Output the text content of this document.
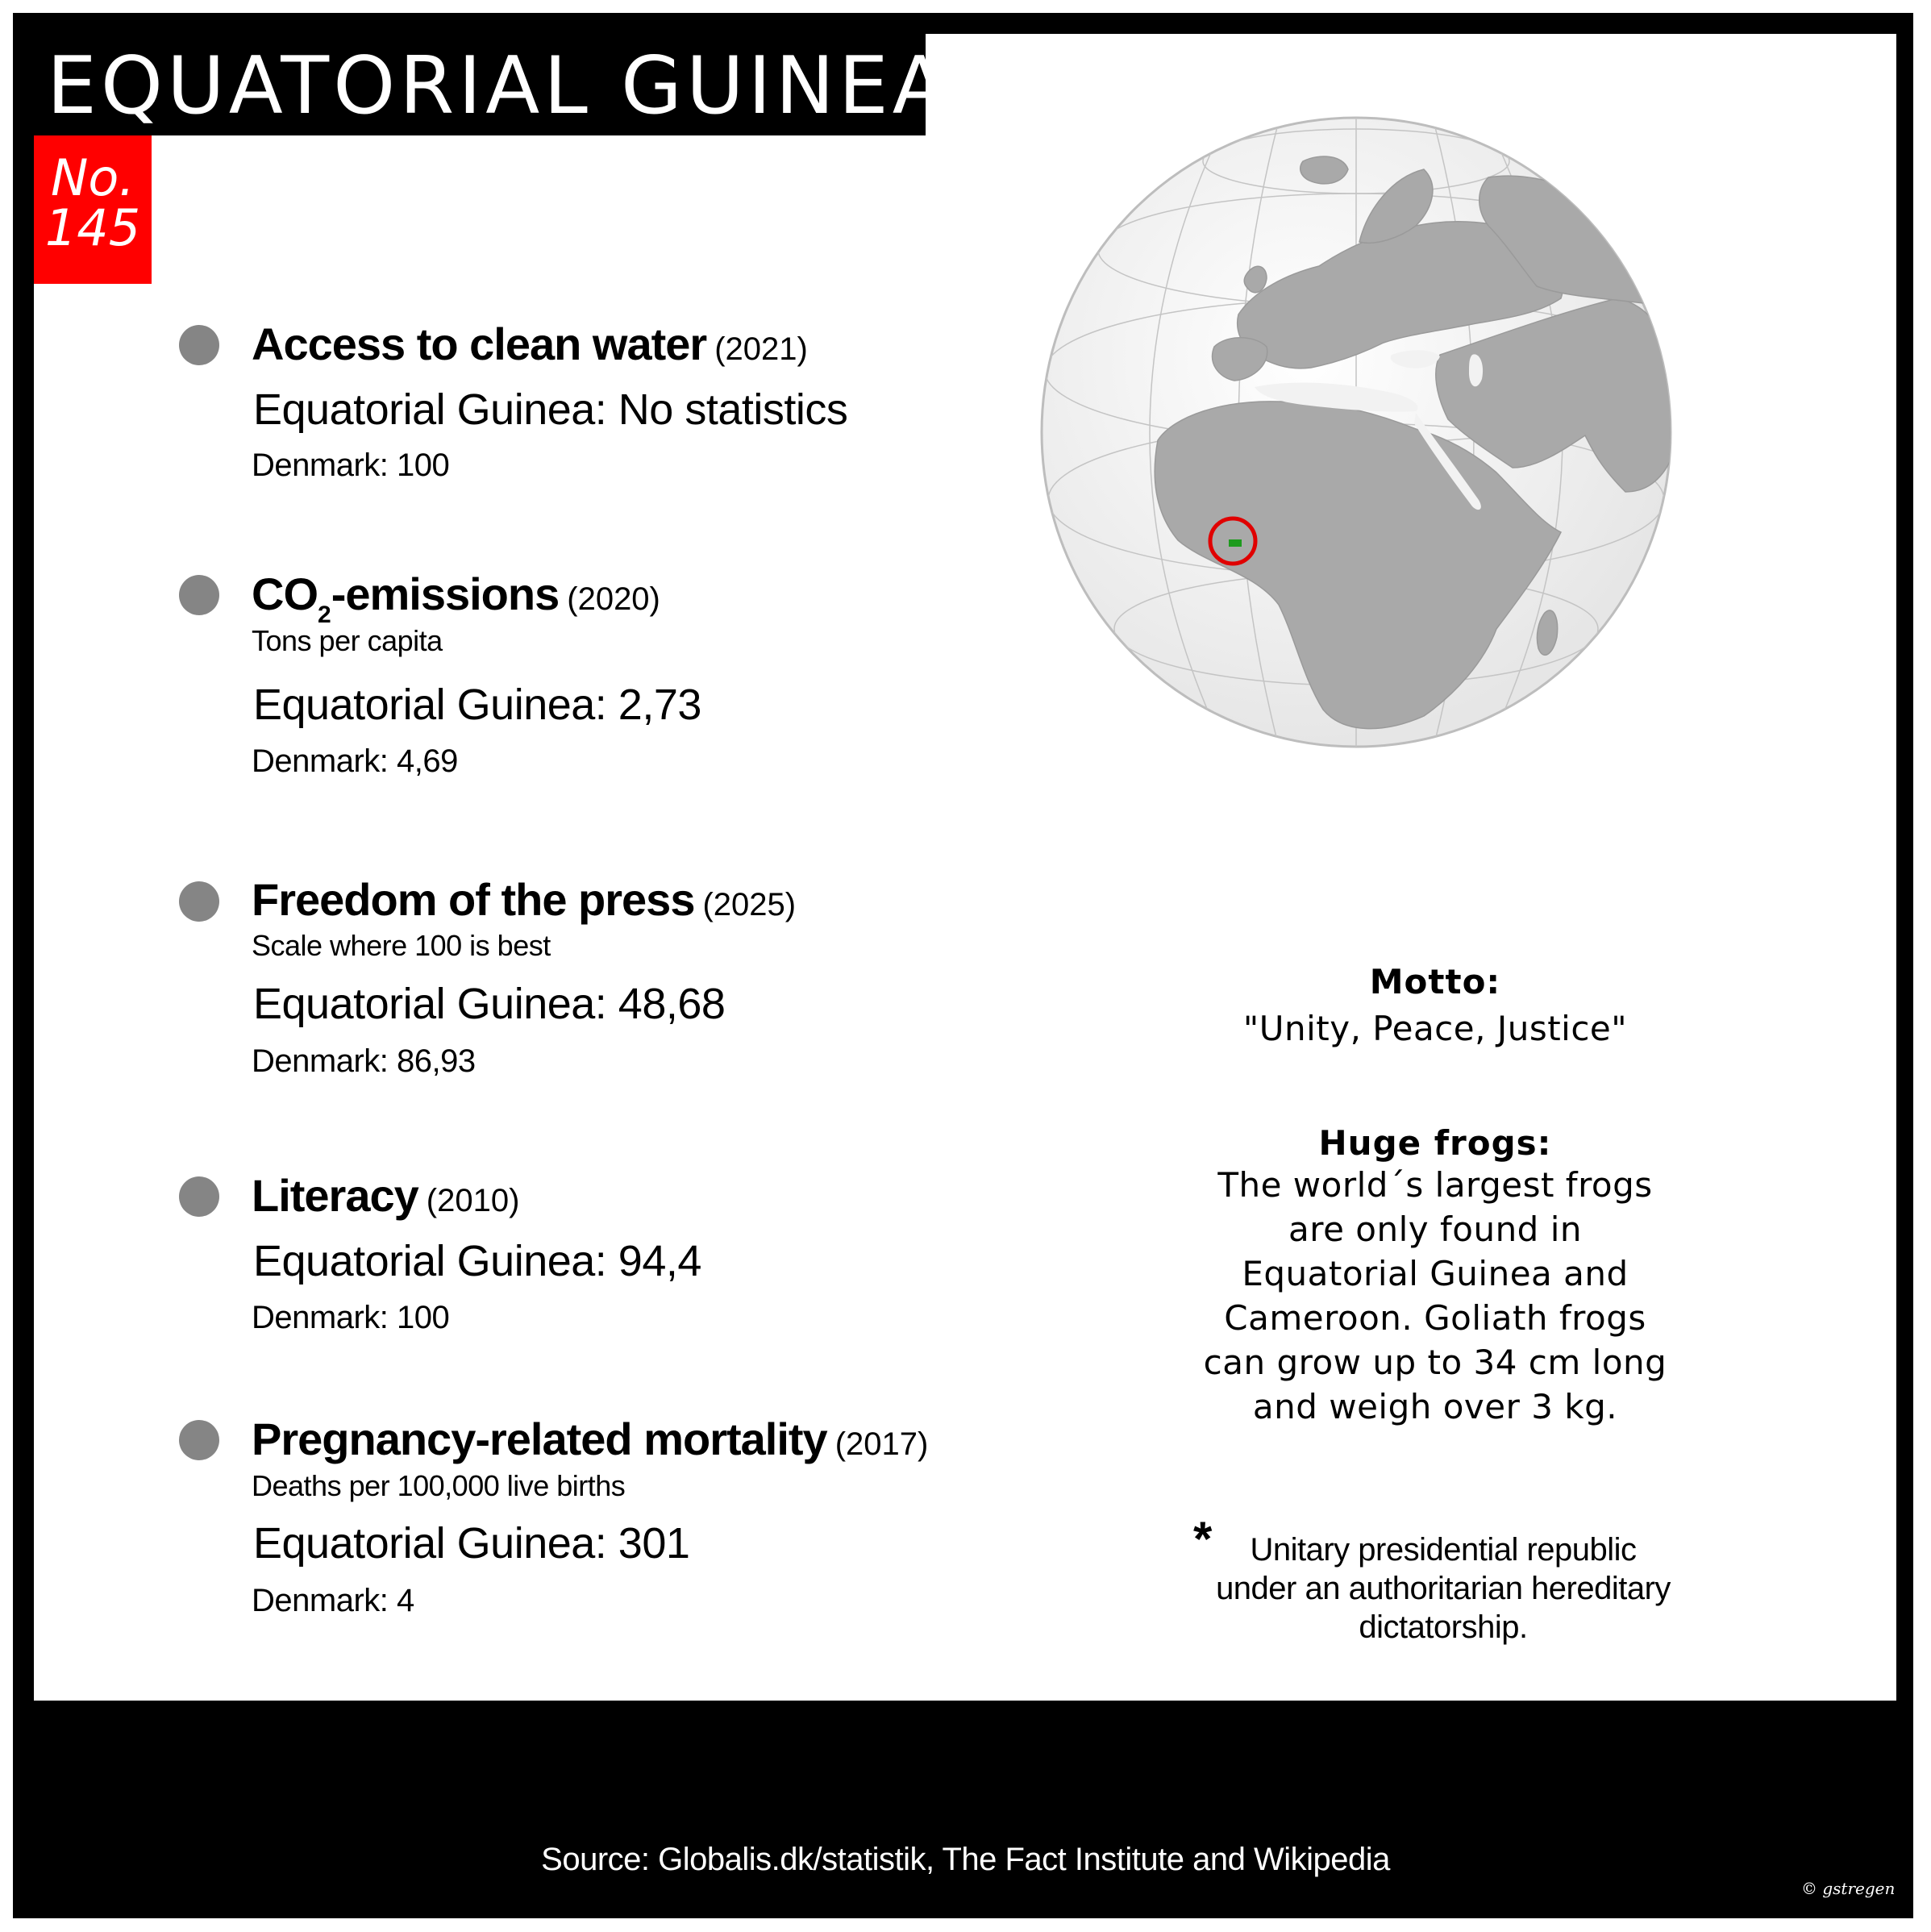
EQUATORIAL GUINEA
No.
145
Access to clean water (2021)
Equatorial Guinea: No statistics
Denmark: 100
$CO_2$-emissions (2020)
Tons per capita
Equatorial Guinea: 2,73
Denmark: 4,69
Freedom of the press (2025)
Scale where 100 is best
Equatorial Guinea: 48,68
Denmark: 86,93
Literacy (2010)
Equatorial Guinea: 94,4
Denmark: 100
Pregnancy-related mortality (2017)
Deaths per 100,000 live births
Equatorial Guinea: 301
Denmark: 4
Motto:
"Unity, Peace, Justice"
Huge frogs:
The world´s largest frogs
are only found in
Equatorial Guinea and
Cameroon. Goliath frogs
can grow up to 34 cm long
and weigh over 3 kg.
*	Unitary presidential republic
under an authoritarian hereditary
dictatorship.
Source: Globalis.dk/statistik, The Fact Institute and Wikipedia
© gstregen
